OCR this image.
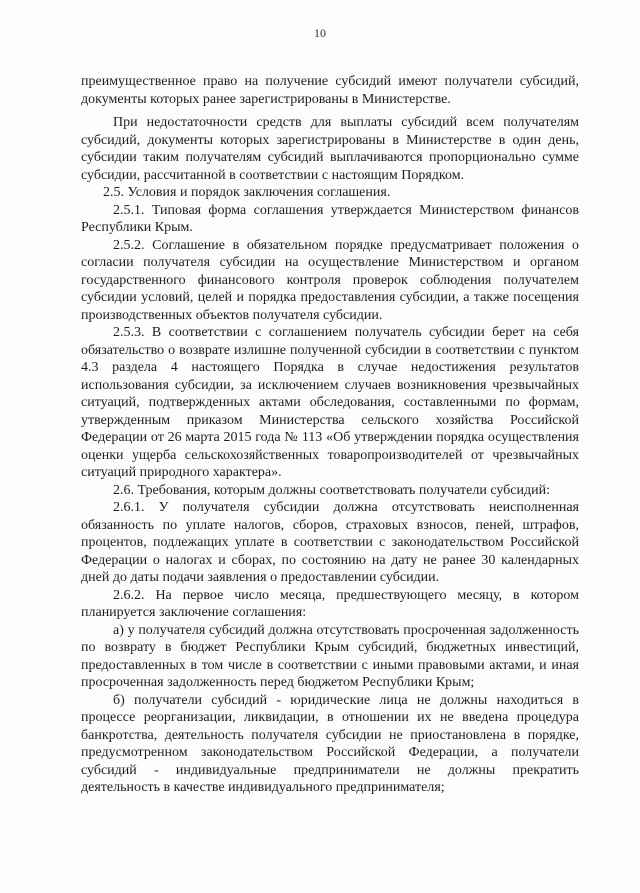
10

преимущественное право на получение субсидий имеют получатели субсидий, документы которых ранее зарегистрированы в Министерстве.

При недостаточности средств для выплаты субсидий всем получателям субсидий, документы которых зарегистрированы в Министерстве в один день, субсидии таким получателям субсидий выплачиваются пропорционально сумме субсидии, рассчитанной в соответствии с настоящим Порядком.

2.5. Условия и порядок заключения соглашения.

2.5.1. Типовая форма соглашения утверждается Министерством финансов Республики Крым.

2.5.2. Соглашение в обязательном порядке предусматривает положения о согласии получателя субсидии на осуществление Министерством и органом государственного финансового контроля проверок соблюдения получателем субсидии условий, целей и порядка предоставления субсидии, а также посещения производственных объектов получателя субсидии.

2.5.3. В соответствии с соглашением получатель субсидии берет на себя обязательство о возврате излишне полученной субсидии в соответствии с пунктом 4.3 раздела 4 настоящего Порядка в случае недостижения результатов использования субсидии, за исключением случаев возникновения чрезвычайных ситуаций, подтвержденных актами обследования, составленными по формам, утвержденным приказом Министерства сельского хозяйства Российской Федерации от 26 марта 2015 года № 113 «Об утверждении порядка осуществления оценки ущерба сельскохозяйственных товаропроизводителей от чрезвычайных ситуаций природного характера».

2.6. Требования, которым должны соответствовать получатели субсидий:

2.6.1. У получателя субсидии должна отсутствовать неисполненная обязанность по уплате налогов, сборов, страховых взносов, пеней, штрафов, процентов, подлежащих уплате в соответствии с законодательством Российской Федерации о налогах и сборах, по состоянию на дату не ранее 30 календарных дней до даты подачи заявления о предоставлении субсидии.

2.6.2. На первое число месяца, предшествующего месяцу, в котором планируется заключение соглашения:

а) у получателя субсидий должна отсутствовать просроченная задолженность по возврату в бюджет Республики Крым субсидий, бюджетных инвестиций, предоставленных в том числе в соответствии с иными правовыми актами, и иная просроченная задолженность перед бюджетом Республики Крым;

б) получатели субсидий - юридические лица не должны находиться в процессе реорганизации, ликвидации, в отношении их не введена процедура банкротства, деятельность получателя субсидии не приостановлена в порядке, предусмотренном законодательством Российской Федерации, а получатели субсидий - индивидуальные предприниматели не должны прекратить деятельность в качестве индивидуального предпринимателя;
